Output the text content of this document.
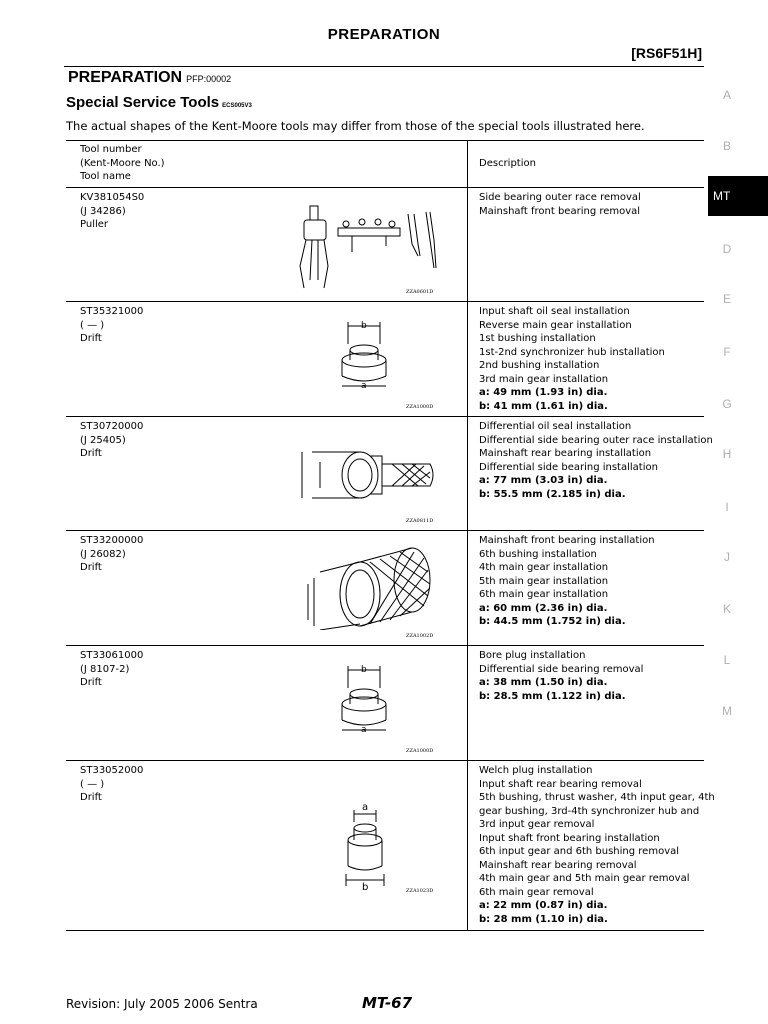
PREPARATION
[RS6F51H]
PREPARATION PFP:00002
Special Service Tools ECS005V3
The actual shapes of the Kent-Moore tools may differ from those of the special tools illustrated here.
A
B
MT
D
E
F
G
H
I
J
K
L
M
Tool number
(Kent-Moore No.)
Tool name
Description
KV381054S0
(J 34286)
Puller
ZZA0601D
Side bearing outer race removal
Mainshaft front bearing removal
ST35321000
( — )
Drift
b
a
ZZA1000D
Input shaft oil seal installation
Reverse main gear installation
1st bushing installation
1st-2nd synchronizer hub installation
2nd bushing installation
3rd main gear installation
a: 49 mm (1.93 in) dia.
b: 41 mm (1.61 in) dia.
ST30720000
(J 25405)
Drift
ZZA0811D
Differential oil seal installation
Differential side bearing outer race installation
Mainshaft rear bearing installation
Differential side bearing installation
a: 77 mm (3.03 in) dia.
b: 55.5 mm (2.185 in) dia.
ST33200000
(J 26082)
Drift
ZZA1002D
Mainshaft front bearing installation
6th bushing installation
4th main gear installation
5th main gear installation
6th main gear installation
a: 60 mm (2.36 in) dia.
b: 44.5 mm (1.752 in) dia.
ST33061000
(J 8107-2)
Drift
b
a
ZZA1000D
Bore plug installation
Differential side bearing removal
a: 38 mm (1.50 in) dia.
b: 28.5 mm (1.122 in) dia.
ST33052000
( — )
Drift
a
b	ZZA1023D
Welch plug installation
Input shaft rear bearing removal
5th bushing, thrust washer, 4th input gear, 4th
gear bushing, 3rd-4th synchronizer hub and
3rd input gear removal
Input shaft front bearing installation
6th input gear and 6th bushing removal
Mainshaft rear bearing removal
4th main gear and 5th main gear removal
6th main gear removal
a: 22 mm (0.87 in) dia.
b: 28 mm (1.10 in) dia.
Revision: July 2005 2006 Sentra	MT-67
